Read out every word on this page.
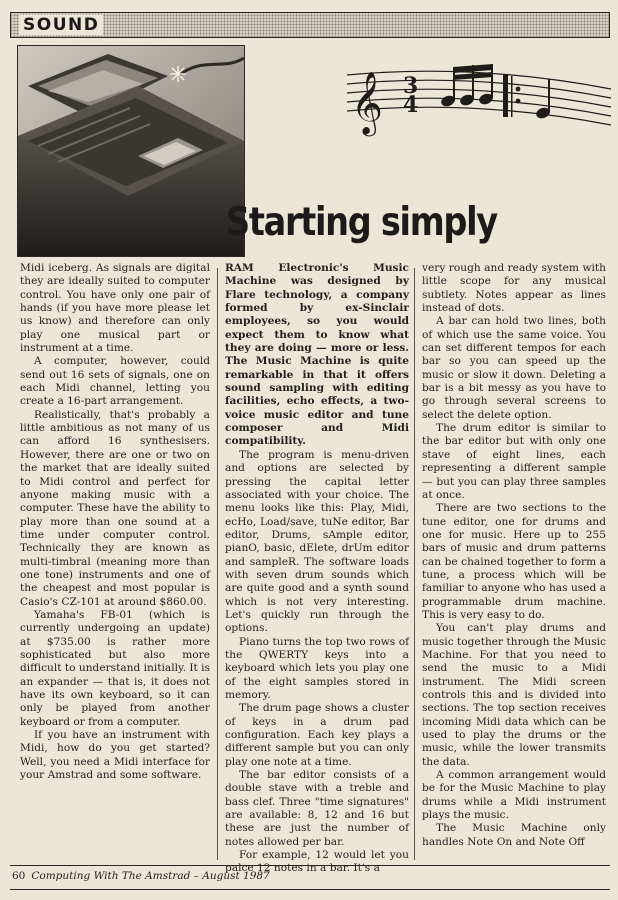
SOUND
𝄞 3
4
Starting simply

Midi iceberg. As signals are digital they are ideally suited to computer control. You have only one pair of hands (if you have more please let us know) and therefore can only play one musical part or instrument at a time.

A computer, however, could send out 16 sets of signals, one on each Midi channel, letting you create a 16-part arrangement.

Realistically, that's probably a little ambitious as not many of us can afford 16 synthesisers. However, there are one or two on the market that are ideally suited to Midi control and perfect for anyone making music with a computer. These have the ability to play more than one sound at a time under computer control. Technically they are known as multi-timbral (meaning more than one tone) instruments and one of the cheapest and most popular is Casio's CZ-101 at around $860.00.

Yamaha's FB-01 (which is currently undergoing an update) at $735.00 is rather more sophisticated but also more difficult to understand initially. It is an expander — that is, it does not have its own keyboard, so it can only be played from another keyboard or from a computer.

If you have an instrument with Midi, how do you get started? Well, you need a Midi interface for your Amstrad and some software.

RAM Electronic's Music Machine was designed by Flare technology, a company formed by ex-Sinclair employees, so you would expect them to know what they are doing — more or less. The Music Machine is quite remarkable in that it offers sound sampling with editing facilities, echo effects, a two-voice music editor and tune composer and Midi compatibility.

The program is menu-driven and options are selected by pressing the capital letter associated with your choice. The menu looks like this: Play, Midi, ecHo, Load/save, tuNe editor, Bar editor, Drums, sAmple editor, pianO, basic, dElete, drUm editor and sampleR. The software loads with seven drum sounds which are quite good and a synth sound which is not very interesting. Let's quickly run through the options.

Piano turns the top two rows of the QWERTY keys into a keyboard which lets you play one of the eight samples stored in memory.

The drum page shows a cluster of keys in a drum pad configuration. Each key plays a different sample but you can only play one note at a time.

The bar editor consists of a double stave with a treble and bass clef. Three "time signatures" are available: 8, 12 and 16 but these are just the number of notes allowed per bar.

For example, 12 would let you palce 12 notes in a bar. It's a

very rough and ready system with little scope for any musical subtlety. Notes appear as lines instead of dots.

A bar can hold two lines, both of which use the same voice. You can set different tempos for each bar so you can speed up the music or slow it down. Deleting a bar is a bit messy as you have to go through several screens to select the delete option.

The drum editor is similar to the bar editor but with only one stave of eight lines, each representing a different sample — but you can play three samples at once.

There are two sections to the tune editor, one for drums and one for music. Here up to 255 bars of music and drum patterns can be chained together to form a tune, a process which will be familiar to anyone who has used a programmable drum machine. This is very easy to do.

You can't play drums and music together through the Music Machine. For that you need to send the music to a Midi instrument. The Midi screen controls this and is divided into sections. The top section receives incoming Midi data which can be used to play the drums or the music, while the lower transmits the data.

A common arrangement would be for the Music Machine to play drums while a Midi instrument plays the music.

The Music Machine only handles Note On and Note Off

60 Computing With The Amstrad – August 1987
